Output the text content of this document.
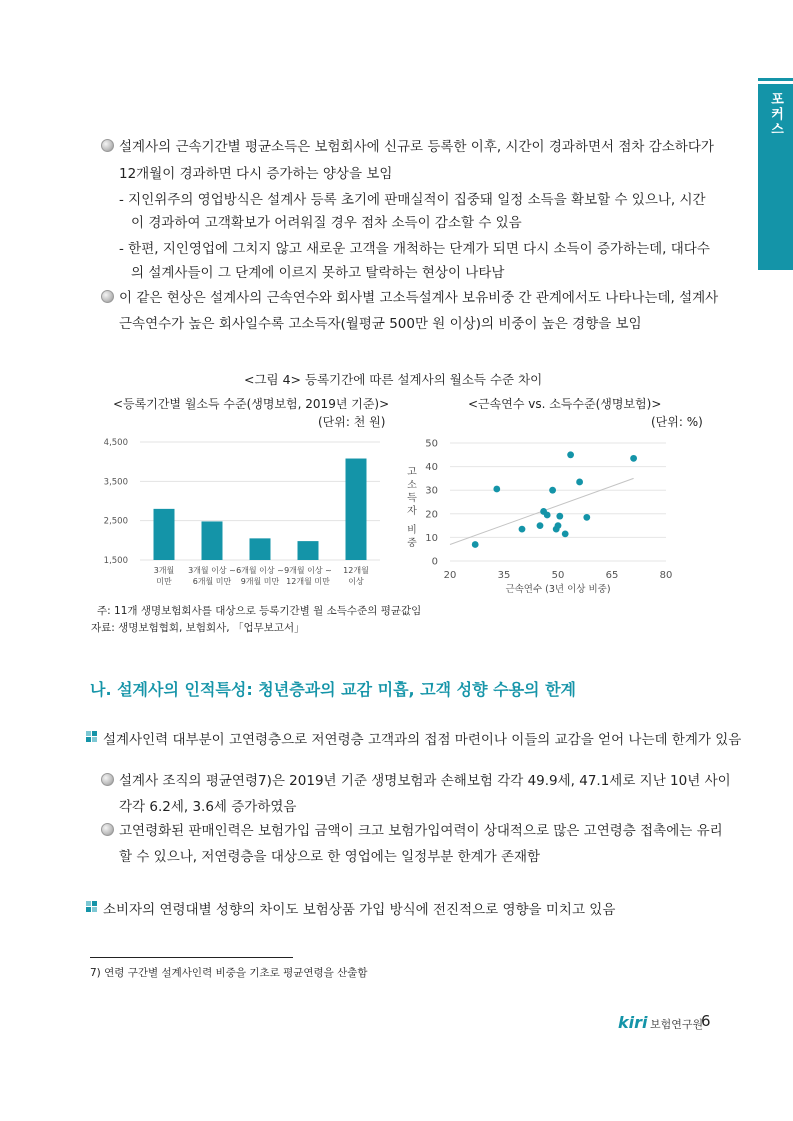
포커스
설계사의 근속기간별 평균소득은 보험회사에 신규로 등록한 이후, 시간이 경과하면서 점차 감소하다가
12개월이 경과하면 다시 증가하는 양상을 보임
- 지인위주의 영업방식은 설계사 등록 초기에 판매실적이 집중돼 일정 소득을 확보할 수 있으나, 시간
이 경과하여 고객확보가 어려워질 경우 점차 소득이 감소할 수 있음
- 한편, 지인영업에 그치지 않고 새로운 고객을 개척하는 단계가 되면 다시 소득이 증가하는데, 대다수
의 설계사들이 그 단계에 이르지 못하고 탈락하는 현상이 나타남
이 같은 현상은 설계사의 근속연수와 회사별 고소득설계사 보유비중 간 관계에서도 나타나는데, 설계사
근속연수가 높은 회사일수록 고소득자(월평균 500만 원 이상)의 비중이 높은 경향을 보임
<그림 4> 등록기간에 따른 설계사의 월소득 수준 차이
<등록기간별 월소득 수준(생명보험, 2019년 기준)>
(단위: 천 원)
<근속연수 vs. 소득수준(생명보험)>
(단위: %)
1,500
2,500
3,500
4,500
3개월
미만
3개월 이상 ~
6개월 미만
6개월 이상 ~
9개월 미만
9개월 이상 ~
12개월 미만
12개월
이상
0
10
20
30
40
50
20	35	50	65	80
근속연수 (3년 이상 비중)
고 소 득 자 비 중
주: 11개 생명보험회사를 대상으로 등록기간별 월 소득수준의 평균값임
자료: 생명보험협회, 보험회사, 「업무보고서」
나. 설계사의 인적특성: 청년층과의 교감 미흡, 고객 성향 수용의 한계
설계사인력 대부분이 고연령층으로 저연령층 고객과의 접점 마련이나 이들의 교감을 얻어 나는데 한계가 있음
설계사 조직의 평균연령7)은 2019년 기준 생명보험과 손해보험 각각 49.9세, 47.1세로 지난 10년 사이
각각 6.2세, 3.6세 증가하였음
고연령화된 판매인력은 보험가입 금액이 크고 보험가입여력이 상대적으로 많은 고연령층 접촉에는 유리
할 수 있으나, 저연령층을 대상으로 한 영업에는 일정부분 한계가 존재함
소비자의 연령대별 성향의 차이도 보험상품 가입 방식에 전진적으로 영향을 미치고 있음
7) 연령 구간별 설계사인력 비중을 기초로 평균연령을 산출함
kiri 보험연구원
6
